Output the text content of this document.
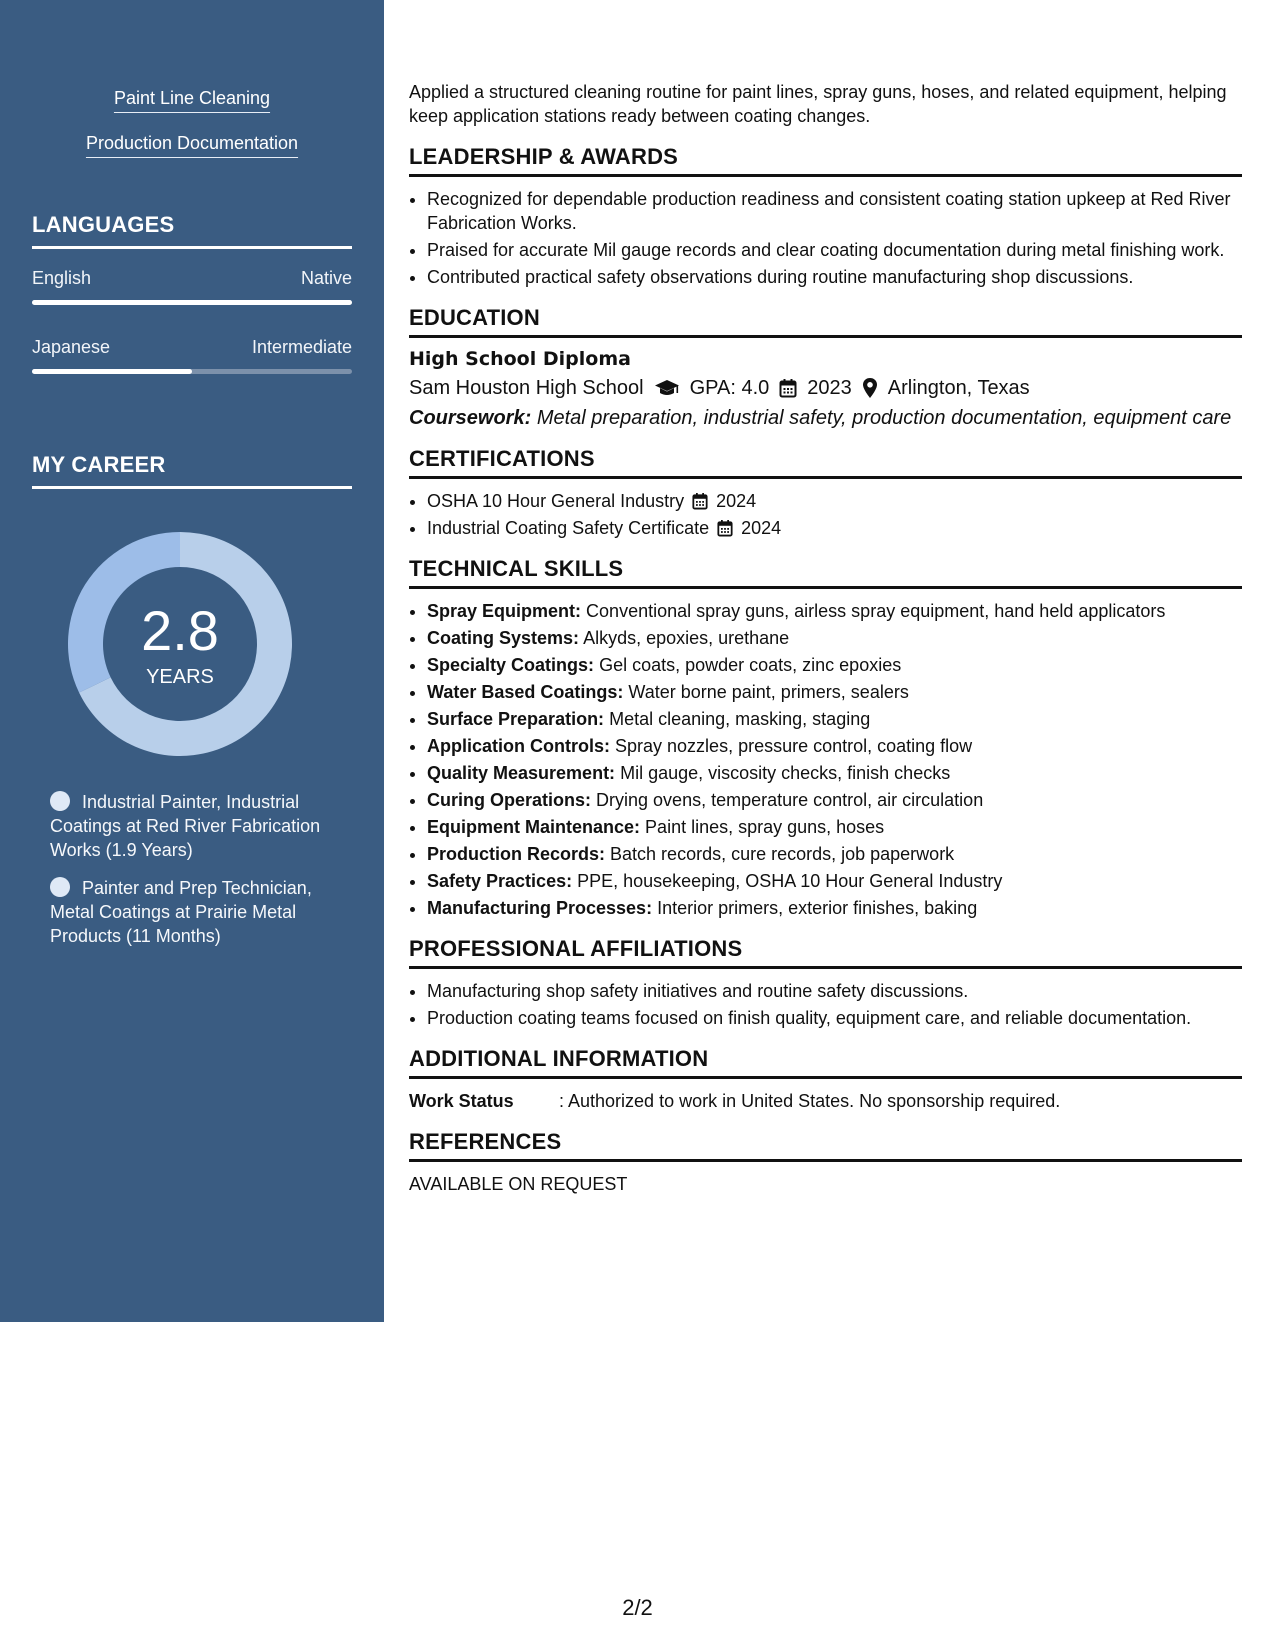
Paint Line Cleaning
Production Documentation
LANGUAGES
English	Native
Japanese	Intermediate
MY CAREER
2.8
YEARS
Industrial Painter, Industrial Coatings at Red River Fabrication Works (1.9 Years)
Painter and Prep Technician, Metal Coatings at Prairie Metal Products (11 Months)

Applied a structured cleaning routine for paint lines, spray guns, hoses, and related equipment, helping keep application stations ready between coating changes.

LEADERSHIP & AWARDS
• Recognized for dependable production readiness and consistent coating station upkeep at Red River Fabrication Works.
• Praised for accurate Mil gauge records and clear coating documentation during metal finishing work.
• Contributed practical safety observations during routine manufacturing shop discussions.
EDUCATION
High School Diploma
Sam Houston High School GPA: 4.0 2023 Arlington, Texas
Coursework: Metal preparation, industrial safety, production documentation, equipment care
CERTIFICATIONS
• OSHA 10 Hour General Industry 2024
• Industrial Coating Safety Certificate 2024
TECHNICAL SKILLS
• Spray Equipment: Conventional spray guns, airless spray equipment, hand held applicators
• Coating Systems: Alkyds, epoxies, urethane
• Specialty Coatings: Gel coats, powder coats, zinc epoxies
• Water Based Coatings: Water borne paint, primers, sealers
• Surface Preparation: Metal cleaning, masking, staging
• Application Controls: Spray nozzles, pressure control, coating flow
• Quality Measurement: Mil gauge, viscosity checks, finish checks
• Curing Operations: Drying ovens, temperature control, air circulation
• Equipment Maintenance: Paint lines, spray guns, hoses
• Production Records: Batch records, cure records, job paperwork
• Safety Practices: PPE, housekeeping, OSHA 10 Hour General Industry
• Manufacturing Processes: Interior primers, exterior finishes, baking
PROFESSIONAL AFFILIATIONS
• Manufacturing shop safety initiatives and routine safety discussions.
• Production coating teams focused on finish quality, equipment care, and reliable documentation.
ADDITIONAL INFORMATION
Work Status	: Authorized to work in United States. No sponsorship required.
REFERENCES
AVAILABLE ON REQUEST
2/2
